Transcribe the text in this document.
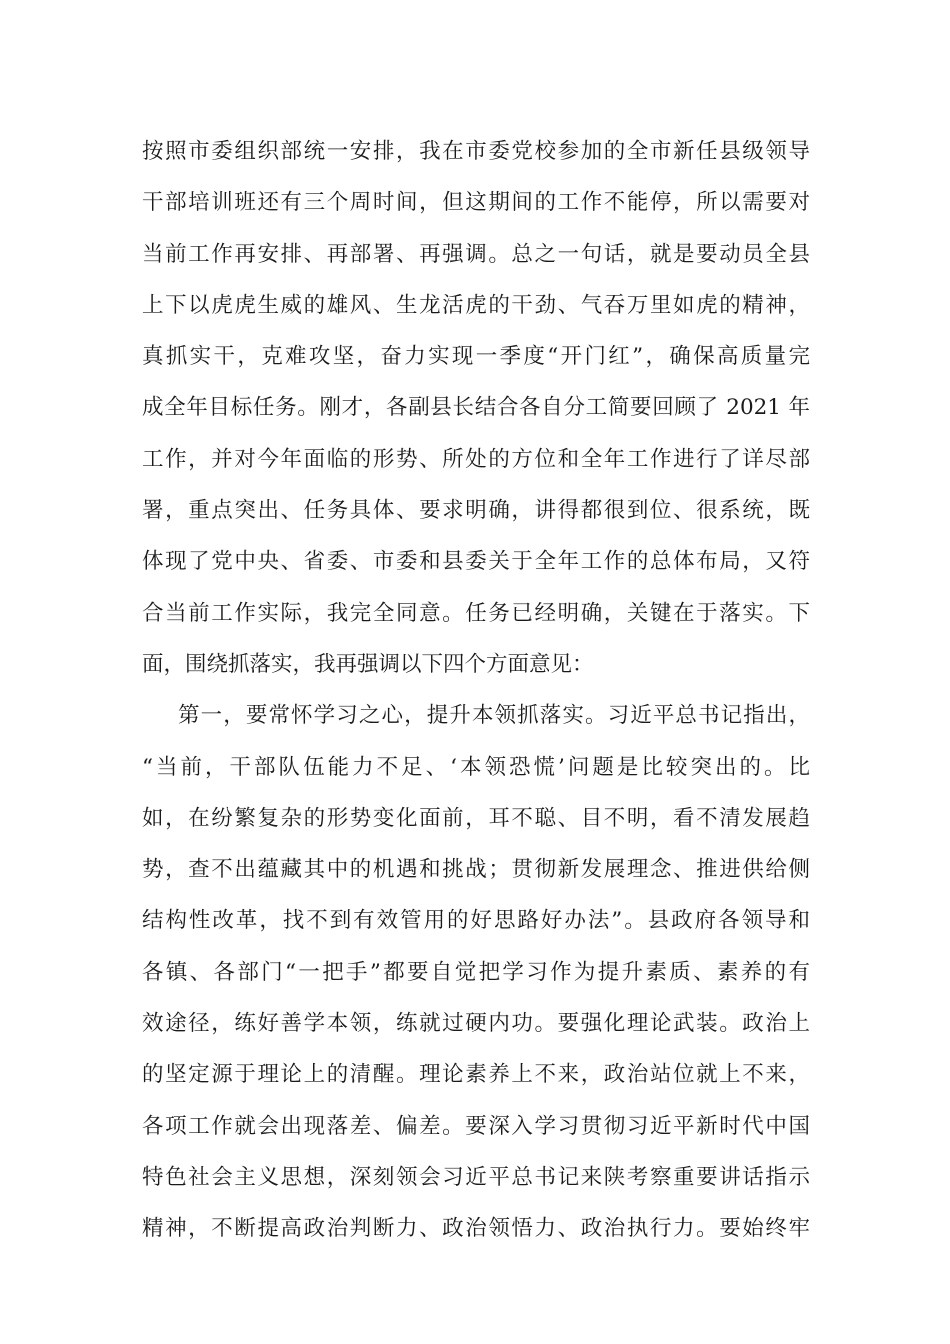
按照市委组织部统一安排，我在市委党校参加的全市新任县级领导
干部培训班还有三个周时间，但这期间的工作不能停，所以需要对
当前工作再安排、再部署、再强调。总之一句话，就是要动员全县
上下以虎虎生威的雄风、生龙活虎的干劲、气吞万里如虎的精神，
真抓实干，克难攻坚，奋力实现一季度“开门红”，确保高质量完
成全年目标任务。刚才，各副县长结合各自分工简要回顾了 2021 年
工作，并对今年面临的形势、所处的方位和全年工作进行了详尽部
署，重点突出、任务具体、要求明确，讲得都很到位、很系统，既
体现了党中央、省委、市委和县委关于全年工作的总体布局，又符
合当前工作实际，我完全同意。任务已经明确，关键在于落实。下
面，围绕抓落实，我再强调以下四个方面意见：
第一，要常怀学习之心，提升本领抓落实。习近平总书记指出，
“当前，干部队伍能力不足、‘本领恐慌’问题是比较突出的。比
如，在纷繁复杂的形势变化面前，耳不聪、目不明，看不清发展趋
势，查不出蕴藏其中的机遇和挑战；贯彻新发展理念、推进供给侧
结构性改革，找不到有效管用的好思路好办法”。县政府各领导和
各镇、各部门“一把手”都要自觉把学习作为提升素质、素养的有
效途径，练好善学本领，练就过硬内功。要强化理论武装。政治上
的坚定源于理论上的清醒。理论素养上不来，政治站位就上不来，
各项工作就会出现落差、偏差。要深入学习贯彻习近平新时代中国
特色社会主义思想，深刻领会习近平总书记来陕考察重要讲话指示
精神，不断提高政治判断力、政治领悟力、政治执行力。要始终牢
